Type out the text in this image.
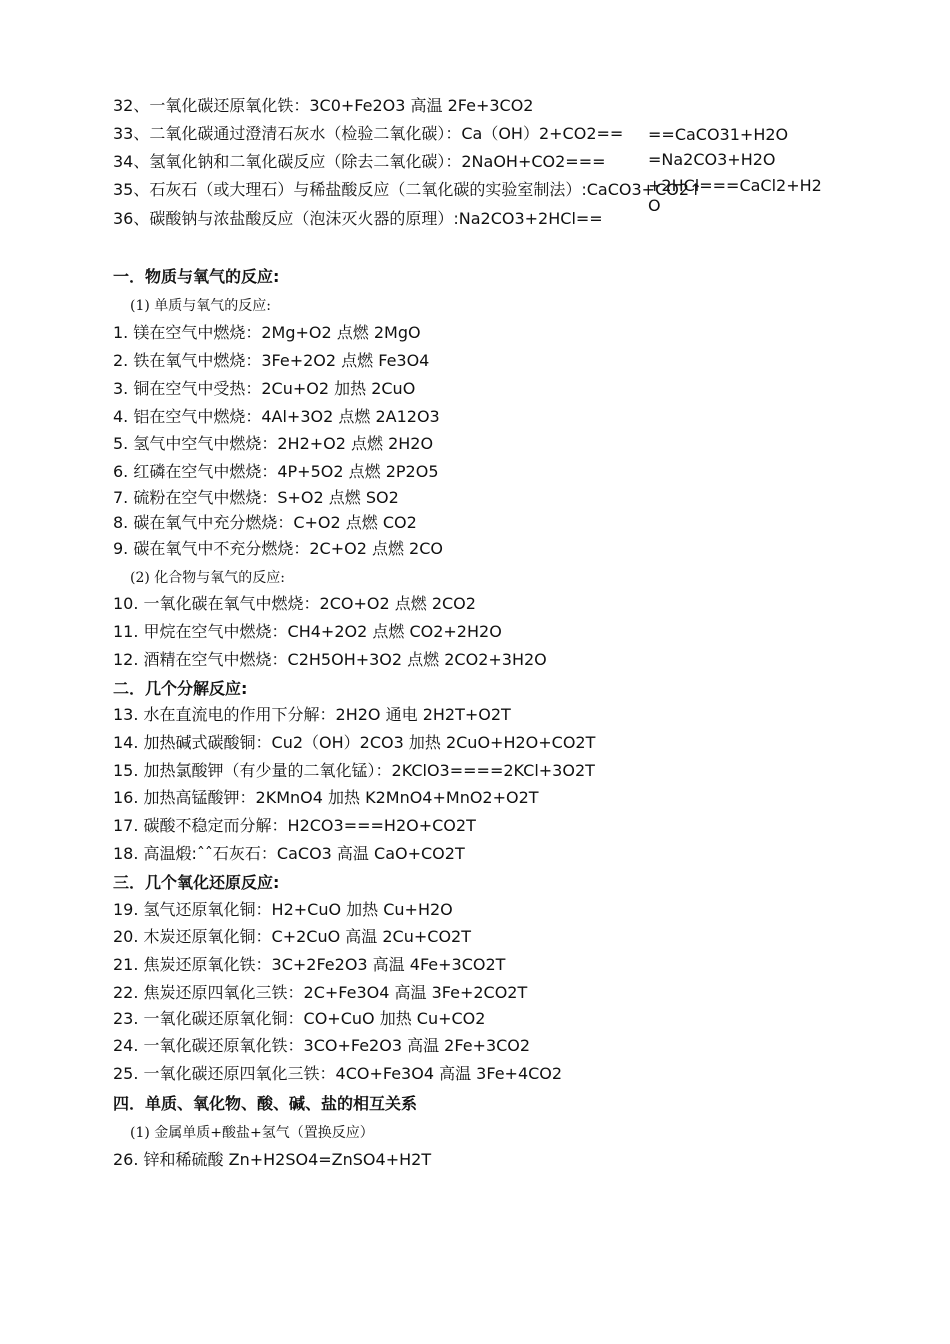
32、一氧化碳还原氧化铁：3C0+Fe2O3 高温 2Fe+3CO2
33、二氧化碳通过澄清石灰水（检验二氧化碳）：Ca（OH）2+CO2==
34、氢氧化钠和二氧化碳反应（除去二氧化碳）：2NaOH+CO2===
35、石灰石（或大理石）与稀盐酸反应（二氧化碳的实验室制法）:CaCO3+CO2↑
36、碳酸钠与浓盐酸反应（泡沫灭火器的原理）:Na2CO3+2HCl==
==CaCO31+H2O
=Na2CO3+H2O
+2HCl===CaCl2+H2
O
一．物质与氧气的反应:
(1) 单质与氧气的反应:
1. 镁在空气中燃烧：2Mg+O2 点燃 2MgO
2. 铁在氧气中燃烧：3Fe+2O2 点燃 Fe3O4
3. 铜在空气中受热：2Cu+O2 加热 2CuO
4. 铝在空气中燃烧：4Al+3O2 点燃 2A12O3
5. 氢气中空气中燃烧：2H2+O2 点燃 2H2O
6. 红磷在空气中燃烧：4P+5O2 点燃 2P2O5
7. 硫粉在空气中燃烧：S+O2 点燃 SO2
8. 碳在氧气中充分燃烧：C+O2 点燃 CO2
9. 碳在氧气中不充分燃烧：2C+O2 点燃 2CO
(2) 化合物与氧气的反应:
10. 一氧化碳在氧气中燃烧：2CO+O2 点燃 2CO2
11. 甲烷在空气中燃烧：CH4+2O2 点燃 CO2+2H2O
12. 酒精在空气中燃烧：C2H5OH+3O2 点燃 2CO2+3H2O
二．几个分解反应:
13. 水在直流电的作用下分解：2H2O 通电 2H2T+O2T
14. 加热碱式碳酸铜：Cu2（OH）2CO3 加热 2CuO+H2O+CO2T
15. 加热氯酸钾（有少量的二氧化锰）：2KClO3====2KCl+3O2T
16. 加热高锰酸钾：2KMnO4 加热 K2MnO4+MnO2+O2T
17. 碳酸不稳定而分解：H2CO3===H2O+CO2T
18. 高温煅:ˆˆ石灰石：CaCO3 高温 CaO+CO2T
三．几个氧化还原反应:
19. 氢气还原氧化铜：H2+CuO 加热 Cu+H2O
20. 木炭还原氧化铜：C+2CuO 高温 2Cu+CO2T
21. 焦炭还原氧化铁：3C+2Fe2O3 高温 4Fe+3CO2T
22. 焦炭还原四氧化三铁：2C+Fe3O4 高温 3Fe+2CO2T
23. 一氧化碳还原氧化铜：CO+CuO 加热 Cu+CO2
24. 一氧化碳还原氧化铁：3CO+Fe2O3 高温 2Fe+3CO2
25. 一氧化碳还原四氧化三铁：4CO+Fe3O4 高温 3Fe+4CO2
四．单质、氧化物、酸、碱、盐的相互关系
(1) 金属单质+酸盐+氢气（置换反应）
26. 锌和稀硫酸 Zn+H2SO4=ZnSO4+H2T
